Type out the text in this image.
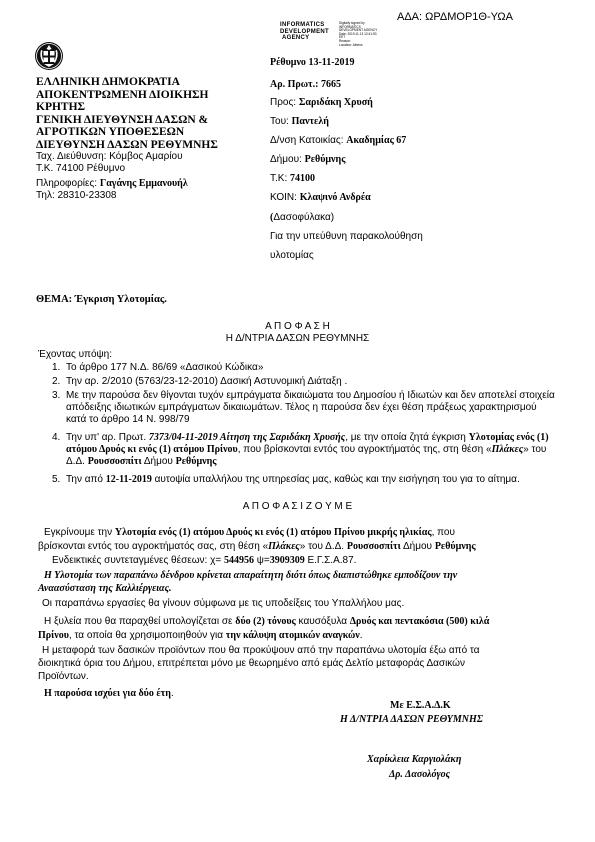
ΑΔΑ: ΩΡΔΜΟΡ1Θ-ΥΩΑ
INFORMATICS
DEVELOPMENT
AGENCY
Digitally signed by
INFORMATICS
DEVELOPMENT AGENCY
Date: 2019.11.13 12:41:53
EET
Reason:
Location: Athens
ΕΛΛΗΝΙΚΗ ΔΗΜΟΚΡΑΤΙΑ
ΑΠΟΚΕΝΤΡΩΜΕΝΗ ΔΙΟΙΚΗΣΗ
ΚΡΗΤΗΣ
ΓΕΝΙΚΗ ΔΙΕΥΘΥΝΣΗ ΔΑΣΩΝ &
ΑΓΡΟΤΙΚΩΝ ΥΠΟΘΕΣΕΩΝ
ΔΙΕΥΘΥΝΣΗ ΔΑΣΩΝ ΡΕΘΥΜΝΗΣ
Ταχ. Διεύθυνση: Κόμβος Αμαρίου
Τ.Κ. 74100 Ρέθυμνο
Πληροφορίες: Γαγάνης Εμμανουήλ
Τηλ: 28310-23308
Ρέθυμνο 13-11-2019
Αρ. Πρωτ.: 7665
Προς: Σαριδάκη Χρυσή
Του: Παντελή
Δ/νση Κατοικίας: Ακαδημίας 67
Δήμου: Ρεθύμνης
Τ.Κ: 74100
ΚΟΙΝ: Κλαψινό Ανδρέα
(Δασοφύλακα)
Για την υπεύθυνη παρακολούθηση
υλοτομίας
ΘΕΜΑ: Έγκριση Υλοτομίας.
Α Π Ο Φ Α Σ Η
Η Δ/ΝΤΡΙΑ ΔΑΣΩΝ ΡΕΘΥΜΝΗΣ
Έχοντας υπόψη:
1. Το άρθρο 177 Ν.Δ. 86/69 «Δασικού Κώδικα»
2. Την αρ. 2/2010 (5763/23-12-2010) Δασική Αστυνομική Διάταξη .
3. Με την παρούσα δεν θίγονται τυχόν εμπράγματα δικαιώματα του Δημοσίου ή Ιδιωτών και δεν αποτελεί στοιχεία απόδειξης ιδιωτικών εμπράγματων δικαιωμάτων. Τέλος η παρούσα δεν έχει θέση πράξεως χαρακτηρισμού κατά το άρθρο 14 Ν. 998/79
4. Την υπ' αρ. Πρωτ. 7373/04-11-2019 Αίτηση της Σαριδάκη Χρυσής, με την οποία ζητά έγκριση Υλοτομίας ενός (1) ατόμου Δρυός κι ενός (1) ατόμου Πρίνου, που βρίσκονται εντός του αγροκτήματός της, στη θέση «Πλάκες» του Δ.Δ. Ρουσσοσπίτι Δήμου Ρεθύμνης
5. Την από 12-11-2019 αυτοψία υπαλλήλου της υπηρεσίας μας, καθώς και την εισήγηση του για το αίτημα.
Α Π Ο Φ Α Σ Ι Ζ Ο Υ Μ Ε
Εγκρίνουμε την Υλοτομία ενός (1) ατόμου Δρυός κι ενός (1) ατόμου Πρίνου μικρής ηλικίας, που
βρίσκονται εντός του αγροκτήματός σας, στη θέση «Πλάκες» του Δ.Δ. Ρουσσοσπίτι Δήμου Ρεθύμνης
Ενδεικτικές συντεταγμένες θέσεων: χ= 544956 ψ=3909309 Ε.Γ.Σ.Α.87.
Η Υλοτομία των παραπάνω δένδρου κρίνεται απαραίτητη διότι όπως διαπιστώθηκε εμποδίζουν την
Αναασύσταση της Καλλιέργειας.
Οι παραπάνω εργασίες θα γίνουν σύμφωνα με τις υποδείξεις του Υπαλλήλου μας.
Η ξυλεία που θα παραχθεί υπολογίζεται σε δύο (2) τόνους καυσόξυλα Δρυός και πεντακόσια (500) κιλά
Πρίνου, τα οποία θα χρησιμοποιηθούν για την κάλυψη ατομικών αναγκών.
Η μεταφορά των δασικών προϊόντων που θα προκύψουν από την παραπάνω υλοτομία έξω από τα
διοικητικά όρια του Δήμου, επιτρέπεται μόνο με θεωρημένο από εμάς Δελτίο μεταφοράς Δασικών
Προϊόντων.
Η παρούσα ισχύει για δύο έτη.
Με Ε.Σ.Α.Δ.Κ
Η Δ/ΝΤΡΙΑ ΔΑΣΩΝ ΡΕΘΥΜΝΗΣ
Χαρίκλεια Καργιολάκη
Δρ. Δασολόγος
